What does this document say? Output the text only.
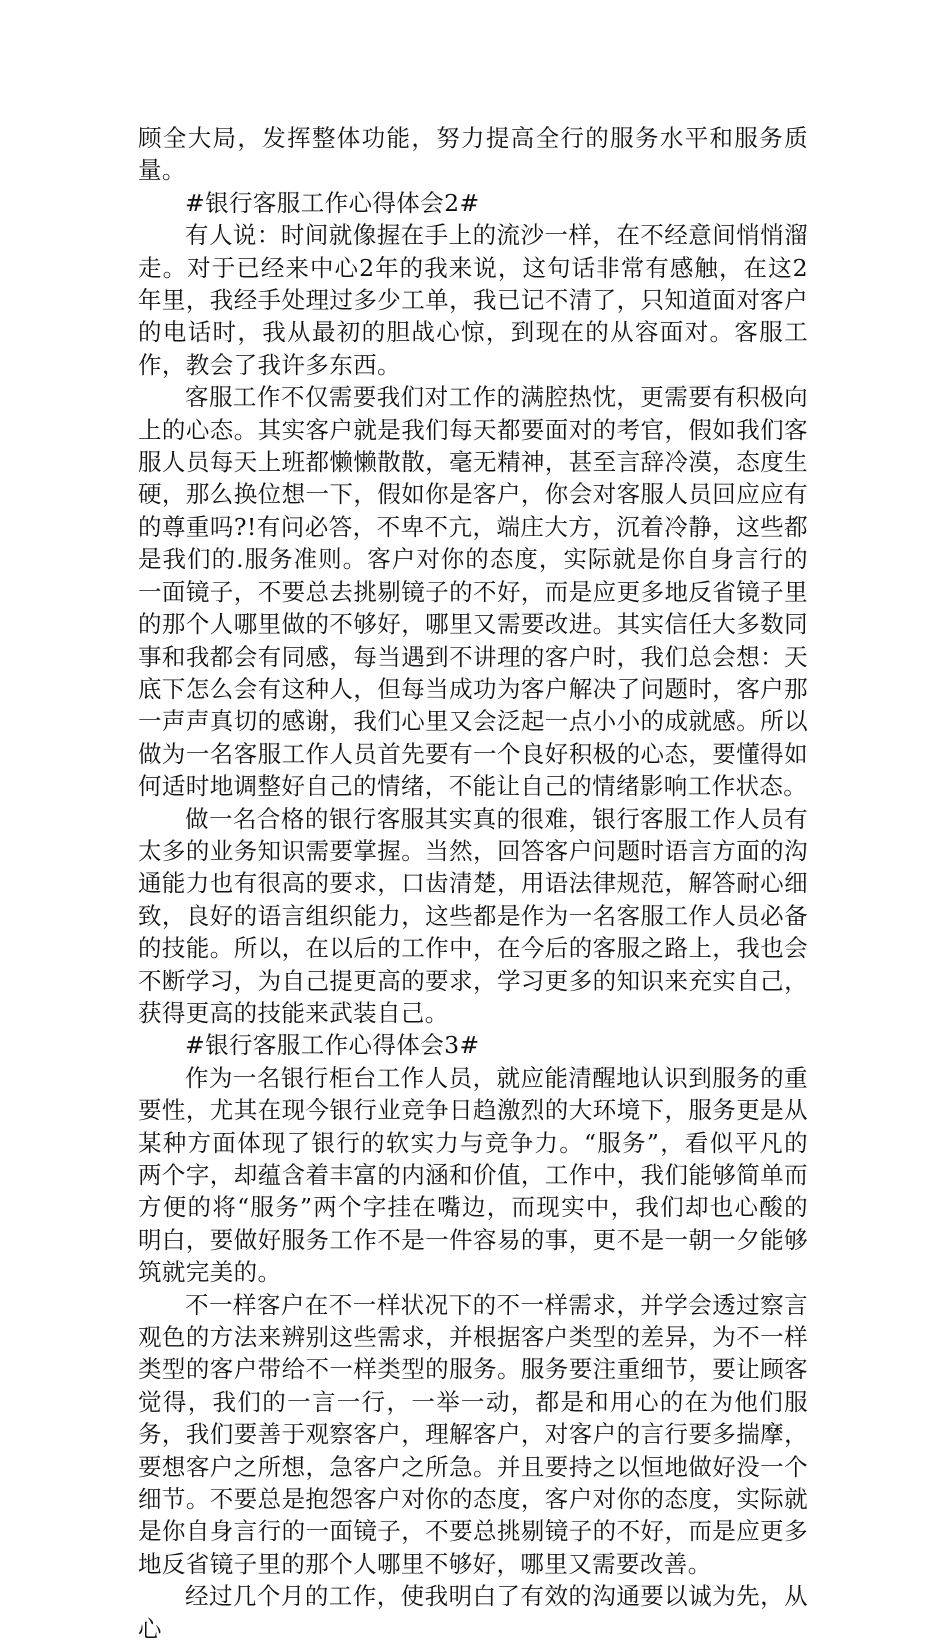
顾全大局，发挥整体功能，努力提高全行的服务水平和服务质量。

#银行客服工作心得体会2#

有人说：时间就像握在手上的流沙一样，在不经意间悄悄溜走。对于已经来中心2年的我来说，这句话非常有感触，在这2年里，我经手处理过多少工单，我已记不清了，只知道面对客户的电话时，我从最初的胆战心惊，到现在的从容面对。客服工作，教会了我许多东西。

客服工作不仅需要我们对工作的满腔热忱，更需要有积极向上的心态。其实客户就是我们每天都要面对的考官，假如我们客服人员每天上班都懒懒散散，毫无精神，甚至言辞冷漠，态度生硬，那么换位想一下，假如你是客户，你会对客服人员回应应有的尊重吗?!有问必答，不卑不亢，端庄大方，沉着冷静，这些都是我们的.服务准则。客户对你的态度，实际就是你自身言行的一面镜子，不要总去挑剔镜子的不好，而是应更多地反省镜子里的那个人哪里做的不够好，哪里又需要改进。其实信任大多数同事和我都会有同感，每当遇到不讲理的客户时，我们总会想：天底下怎么会有这种人，但每当成功为客户解决了问题时，客户那一声声真切的感谢，我们心里又会泛起一点小小的成就感。所以做为一名客服工作人员首先要有一个良好积极的心态，要懂得如何适时地调整好自己的情绪，不能让自己的情绪影响工作状态。

做一名合格的银行客服其实真的很难，银行客服工作人员有太多的业务知识需要掌握。当然，回答客户问题时语言方面的沟通能力也有很高的要求，口齿清楚，用语法律规范，解答耐心细致，良好的语言组织能力，这些都是作为一名客服工作人员必备的技能。所以，在以后的工作中，在今后的客服之路上，我也会不断学习，为自己提更高的要求，学习更多的知识来充实自己，获得更高的技能来武装自己。

#银行客服工作心得体会3#

作为一名银行柜台工作人员，就应能清醒地认识到服务的重要性，尤其在现今银行业竞争日趋激烈的大环境下，服务更是从某种方面体现了银行的软实力与竞争力。“服务”，看似平凡的两个字，却蕴含着丰富的内涵和价值，工作中，我们能够简单而方便的将“服务”两个字挂在嘴边，而现实中，我们却也心酸的明白，要做好服务工作不是一件容易的事，更不是一朝一夕能够筑就完美的。

不一样客户在不一样状况下的不一样需求，并学会透过察言观色的方法来辨别这些需求，并根据客户类型的差异，为不一样类型的客户带给不一样类型的服务。服务要注重细节，要让顾客觉得，我们的一言一行，一举一动，都是和用心的在为他们服务，我们要善于观察客户，理解客户，对客户的言行要多揣摩，要想客户之所想，急客户之所急。并且要持之以恒地做好没一个细节。不要总是抱怨客户对你的态度，客户对你的态度，实际就是你自身言行的一面镜子，不要总挑剔镜子的不好，而是应更多地反省镜子里的那个人哪里不够好，哪里又需要改善。

经过几个月的工作，使我明白了有效的沟通要以诚为先，从心
